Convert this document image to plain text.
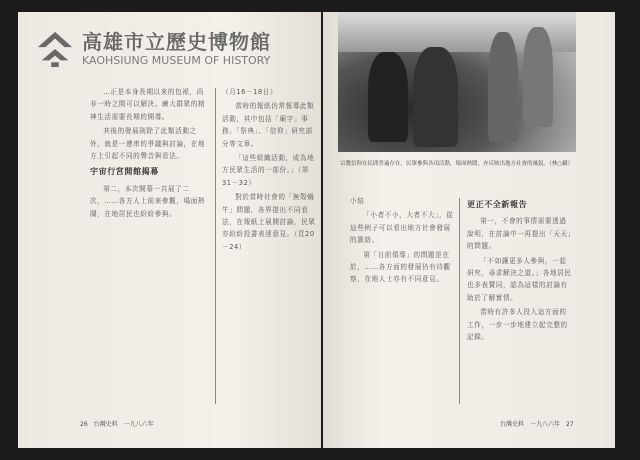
高雄市立歷史博物館
KAOHSIUNG MUSEUM OF HISTORY

…正是本身長期以來的包袱，尚非一時之間可以解決。廣大群眾的精神生活需要長期的開導。

其後的發展則除了此類活動之外，就是一連串的爭議與討論，在地方上引起不同的聲音與看法。

宇宙行宮開館揭幕

第二，本次開幕一共展了二次，……各方人士前來參觀，場面熱鬧，在地居民也紛紛參與。

（月16－18日）

當時的報紙仍常報導此類活動，其中包括「廟宇」事務、「祭典」、「信仰」研究部分等文章。

「這些組織活動，成為地方民眾生活的一部份。」（第31－32）

對於當時社會的「無殼蝸牛」問題，各界提出不同看法，在報紙上展開討論，民眾亦紛紛投書表達意見。（頁20－24）

26　台灣史料　一九八六年
宗教信仰在民間普遍存在，民眾參與各項活動，場面熱鬧，亦反映出地方社會的風貌。（林○攝）

小結

「小者不小，大者不大」，從這些例子可以看出地方社會發展的脈絡。

第「目前領導」的問題是在於，……各方面的發展仍有待觀察，在地人士亦有不同意見。

更正不全新報告

第一，不會的事情需要透過說明，在討論中一再提出「天天」的問題。

「不如讓更多人參與，一起研究，尋求解決之道。」各地居民也多表贊同，認為這樣的討論有助於了解實情。

當時有許多人投入這方面的工作，一步一步地建立起完整的記錄。

台灣史料　一九八六年　27
